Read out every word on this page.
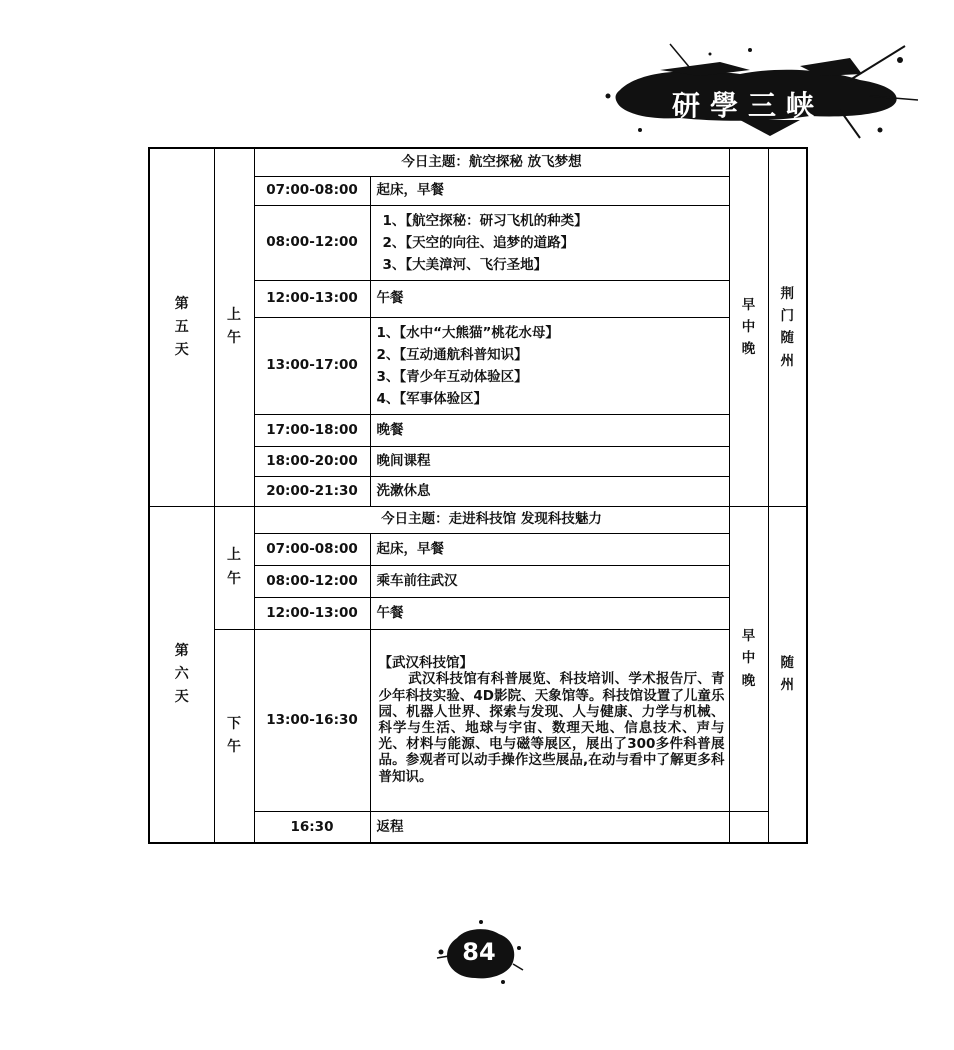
研學三峡
第五天	上午	今日主题：航空探秘 放飞梦想		早中晚	荆门 随州
		07:00-08:00	起床，早餐		
		08:00-12:00	1、【航空探秘：研习飞机的种类】
2、【天空的向往、追梦的道路】
3、【大美漳河、飞行圣地】		

		12:00-13:00	午餐		
		13:00-17:00	1、【水中“大熊猫”桃花水母】
2、【互动通航科普知识】
3、【青少年互动体验区】
4、【军事体验区】		

		17:00-18:00	晚餐		
		18:00-20:00	晚间课程		
		20:00-21:30	洗漱休息		
第六天	上午	今日主题：走进科技馆 发现科技魅力		早中晚	随州
		07:00-08:00	起床，早餐		
		08:00-12:00	乘车前往武汉		
		12:00-13:00	午餐		
	下午	13:00-16:30	【武汉科技馆】
武汉科技馆有科普展览、科技培训、学术报告厅、青少年科技实验、4D影院、天象馆等。科技馆设置了儿童乐园、机器人世界、探索与发现、人与健康、力学与机械、科学与生活、地球与宇宙、数理天地、信息技术、声与光、材料与能源、电与磁等展区，展出了300多件科普展品。参观者可以动手操作这些展品,在动与看中了解更多科普知识。		

		16:30	返程		
84
